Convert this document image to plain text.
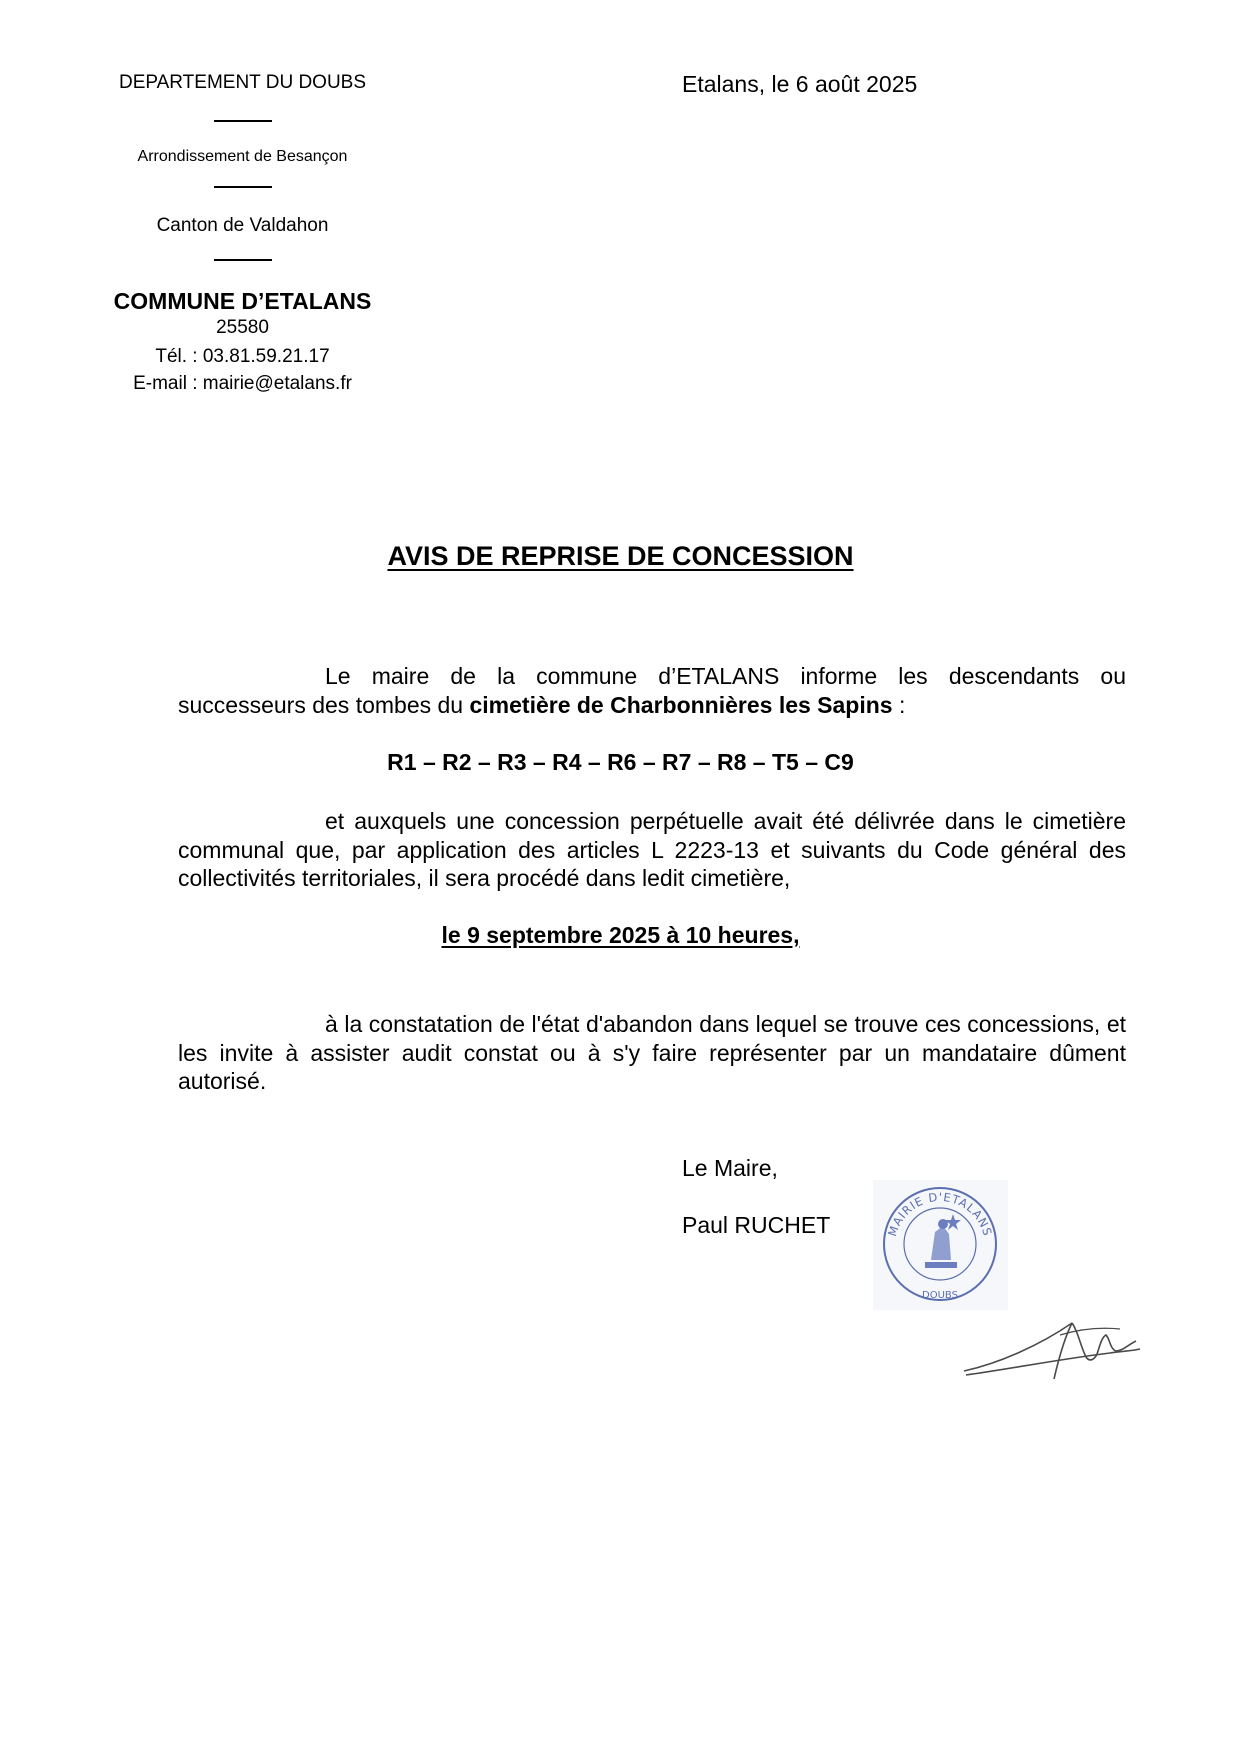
DEPARTEMENT DU DOUBS
Arrondissement de Besançon
Canton de Valdahon
COMMUNE D’ETALANS
25580
Tél. : 03.81.59.21.17
E-mail : mairie@etalans.fr
Etalans, le 6 août 2025
AVIS DE REPRISE DE CONCESSION
Le maire de la commune d’ETALANS informe les descendants ou successeurs des tombes du cimetière de Charbonnières les Sapins :
R1 – R2 – R3 – R4 – R6 – R7 – R8 – T5 – C9
et auxquels une concession perpétuelle avait été délivrée dans le cimetière communal que, par application des articles L 2223-13 et suivants du Code général des collectivités territoriales, il sera procédé dans ledit cimetière,
le 9 septembre 2025 à 10 heures,
à la constatation de l'état d'abandon dans lequel se trouve ces concessions, et les invite à assister audit constat ou à s'y faire représenter par un mandataire dûment autorisé.
Le Maire,
Paul RUCHET	MAIRIE D'ETALANS
DOUBS
